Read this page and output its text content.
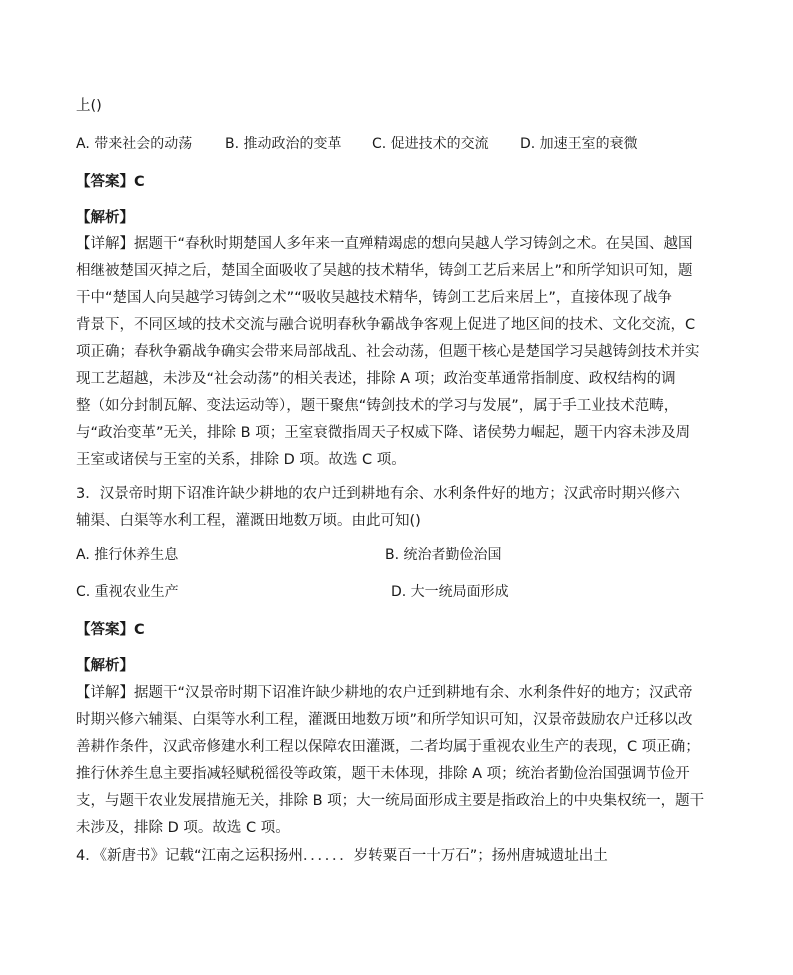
上()
A. 带来社会的动荡 B. 推动政治的变革 C. 促进技术的交流 D. 加速王室的衰微
【答案】C
【解析】
【详解】据题干“春秋时期楚国人多年来一直殚精竭虑的想向吴越人学习铸剑之术。在吴国、越国
相继被楚国灭掉之后，楚国全面吸收了吴越的技术精华，铸剑工艺后来居上”和所学知识可知，题
干中“楚国人向吴越学习铸剑之术”“吸收吴越技术精华，铸剑工艺后来居上”，直接体现了战争
背景下，不同区域的技术交流与融合说明春秋争霸战争客观上促进了地区间的技术、文化交流，C
项正确；春秋争霸战争确实会带来局部战乱、社会动荡，但题干核心是楚国学习吴越铸剑技术并实
现工艺超越，未涉及“社会动荡”的相关表述，排除 A 项；政治变革通常指制度、政权结构的调
整（如分封制瓦解、变法运动等），题干聚焦“铸剑技术的学习与发展”，属于手工业技术范畴，
与“政治变革”无关，排除 B 项；王室衰微指周天子权威下降、诸侯势力崛起，题干内容未涉及周
王室或诸侯与王室的关系，排除 D 项。故选 C 项。
3．汉景帝时期下诏准许缺少耕地的农户迁到耕地有余、水利条件好的地方；汉武帝时期兴修六
辅渠、白渠等水利工程，灌溉田地数万顷。由此可知()
A. 推行休养生息	B. 统治者勤俭治国
C. 重视农业生产	D. 大一统局面形成
【答案】C
【解析】
【详解】据题干“汉景帝时期下诏准许缺少耕地的农户迁到耕地有余、水利条件好的地方；汉武帝
时期兴修六辅渠、白渠等水利工程，灌溉田地数万顷”和所学知识可知，汉景帝鼓励农户迁移以改
善耕作条件，汉武帝修建水利工程以保障农田灌溉，二者均属于重视农业生产的表现，C 项正确；
推行休养生息主要指减轻赋税徭役等政策，题干未体现，排除 A 项；统治者勤俭治国强调节俭开
支，与题干农业发展措施无关，排除 B 项；大一统局面形成主要是指政治上的中央集权统一，题干
未涉及，排除 D 项。故选 C 项。
4．《新唐书》记载“江南之运积扬州．．．．．．岁转粟百一十万石”；扬州唐城遗址出土
